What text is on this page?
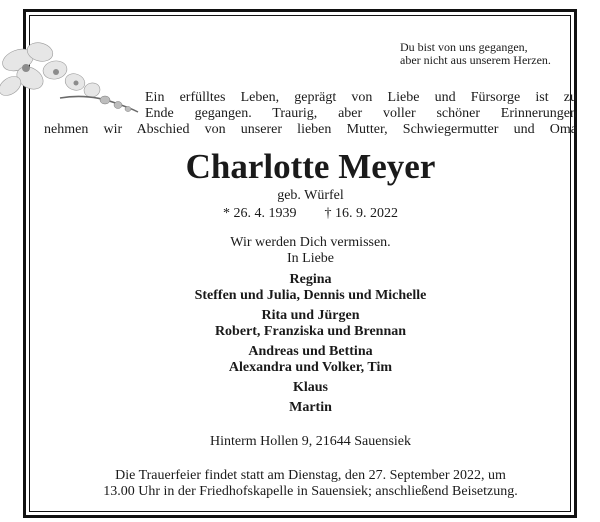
Du bist von uns gegangen,
aber nicht aus unserem Herzen.
Ein erfülltes Leben, geprägt von Liebe und Fürsorge ist zu
Ende gegangen. Traurig, aber voller schöner Erinnerungen
nehmen wir Abschied von unserer lieben Mutter, Schwiegermutter und Oma
Charlotte Meyer
geb. Würfel
* 26. 4. 1939 † 16. 9. 2022
Wir werden Dich vermissen.
In Liebe
Regina
Steffen und Julia, Dennis und Michelle
Rita und Jürgen
Robert, Franziska und Brennan
Andreas und Bettina
Alexandra und Volker, Tim
Klaus
Martin
Hinterm Hollen 9, 21644 Sauensiek
Die Trauerfeier findet statt am Dienstag, den 27. September 2022, um
13.00 Uhr in der Friedhofskapelle in Sauensiek; anschließend Beisetzung.
